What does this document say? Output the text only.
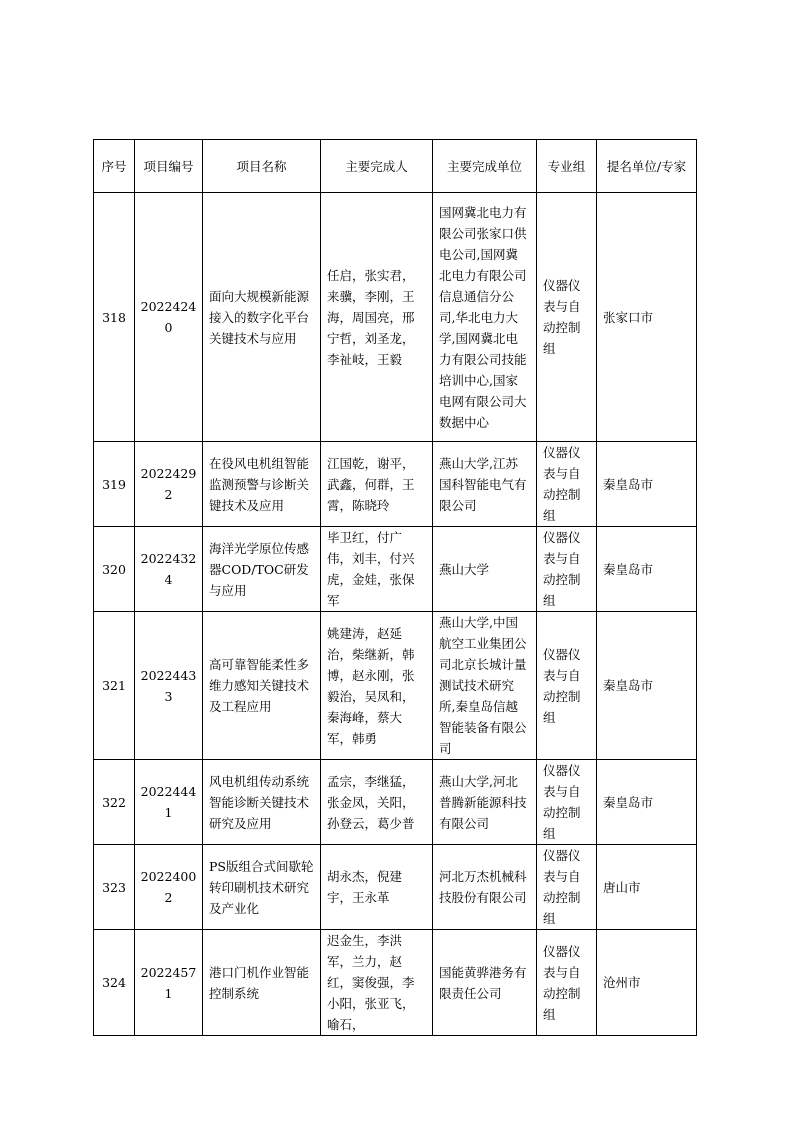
序号	项目编号	项目名称	主要完成人	主要完成单位	专业组	提名单位/专家
318	20224240	面向大规模新能源接入的数字化平台关键技术与应用	任启，张实君，来骥，李刚，王海，周国亮，邢宁哲，刘圣龙，李祉岐，王毅	国网冀北电力有限公司张家口供电公司,国网冀北电力有限公司信息通信分公司,华北电力大学,国网冀北电力有限公司技能培训中心,国家电网有限公司大数据中心	仪器仪表与自动控制组	张家口市
319	20224292	在役风电机组智能监测预警与诊断关键技术及应用	江国乾，谢平，武鑫，何群，王霄，陈晓玲	燕山大学,江苏国科智能电气有限公司	仪器仪表与自动控制组	秦皇岛市
320	20224324	海洋光学原位传感器COD/TOC研发与应用	毕卫红，付广伟，刘丰，付兴虎，金娃，张保军	燕山大学	仪器仪表与自动控制组	秦皇岛市
321	20224433	高可靠智能柔性多维力感知关键技术及工程应用	姚建涛，赵延治，柴继新，韩博，赵永刚，张毅治，吴凤和，秦海峰，蔡大军，韩勇	燕山大学,中国航空工业集团公司北京长城计量测试技术研究所,秦皇岛信越智能装备有限公司	仪器仪表与自动控制组	秦皇岛市
322	20224441	风电机组传动系统智能诊断关键技术研究及应用	孟宗，李继猛，张金凤，关阳，孙登云，葛少普	燕山大学,河北普腾新能源科技有限公司	仪器仪表与自动控制组	秦皇岛市
323	20224002	PS版组合式间歇轮转印刷机技术研究及产业化	胡永杰，倪建宇，王永革	河北万杰机械科技股份有限公司	仪器仪表与自动控制组	唐山市
324	20224571	港口门机作业智能控制系统	迟金生，李洪军，兰力，赵红，窦俊强，李小阳，张亚飞，喻石，	国能黄骅港务有限责任公司	仪器仪表与自动控制组	沧州市
